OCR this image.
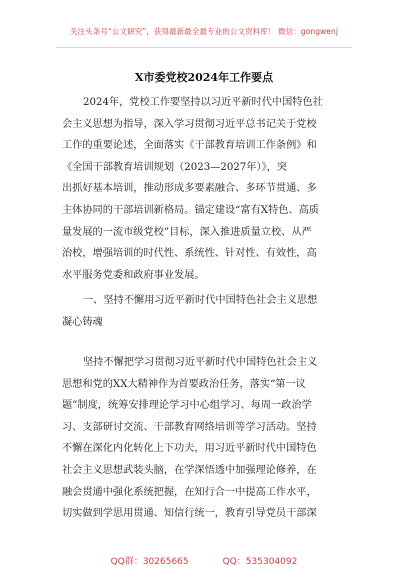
关注头条号“公文研究”，获得最新最全最专业的公文资料库！ 微信：gongwenj
X市委党校2024年工作要点
2024年，党校工作要坚持以习近平新时代中国特色社
会主义思想为指导，深入学习贯彻习近平总书记关于党校
工作的重要论述，全面落实《干部教育培训工作条例》和
《全国干部教育培训规划（2023—2027年）》，突
出抓好基本培训，推动形成多要素融合、多环节贯通、多
主体协同的干部培训新格局。锚定建设“富有X特色、高质
量发展的一流市级党校”目标，深入推进质量立校、从严
治校，增强培训的时代性、系统性、针对性、有效性，高
水平服务党委和政府事业发展。
一、坚持不懈用习近平新时代中国特色社会主义思想
凝心铸魂
坚持不懈把学习贯彻习近平新时代中国特色社会主义
思想和党的XX大精神作为首要政治任务，落实“第一议
题”制度，统筹安排理论学习中心组学习、每周一政治学
习、支部研讨交流、干部教育网络培训等学习活动。坚持
不懈在深化内化转化上下功夫，用习近平新时代中国特色
社会主义思想武装头脑，在学深悟透中加强理论修养，在
融会贯通中强化系统把握，在知行合一中提高工作水平，
切实做到学思用贯通、知信行统一，教育引导党员干部深
QQ群：30265665	QQ：535304092
